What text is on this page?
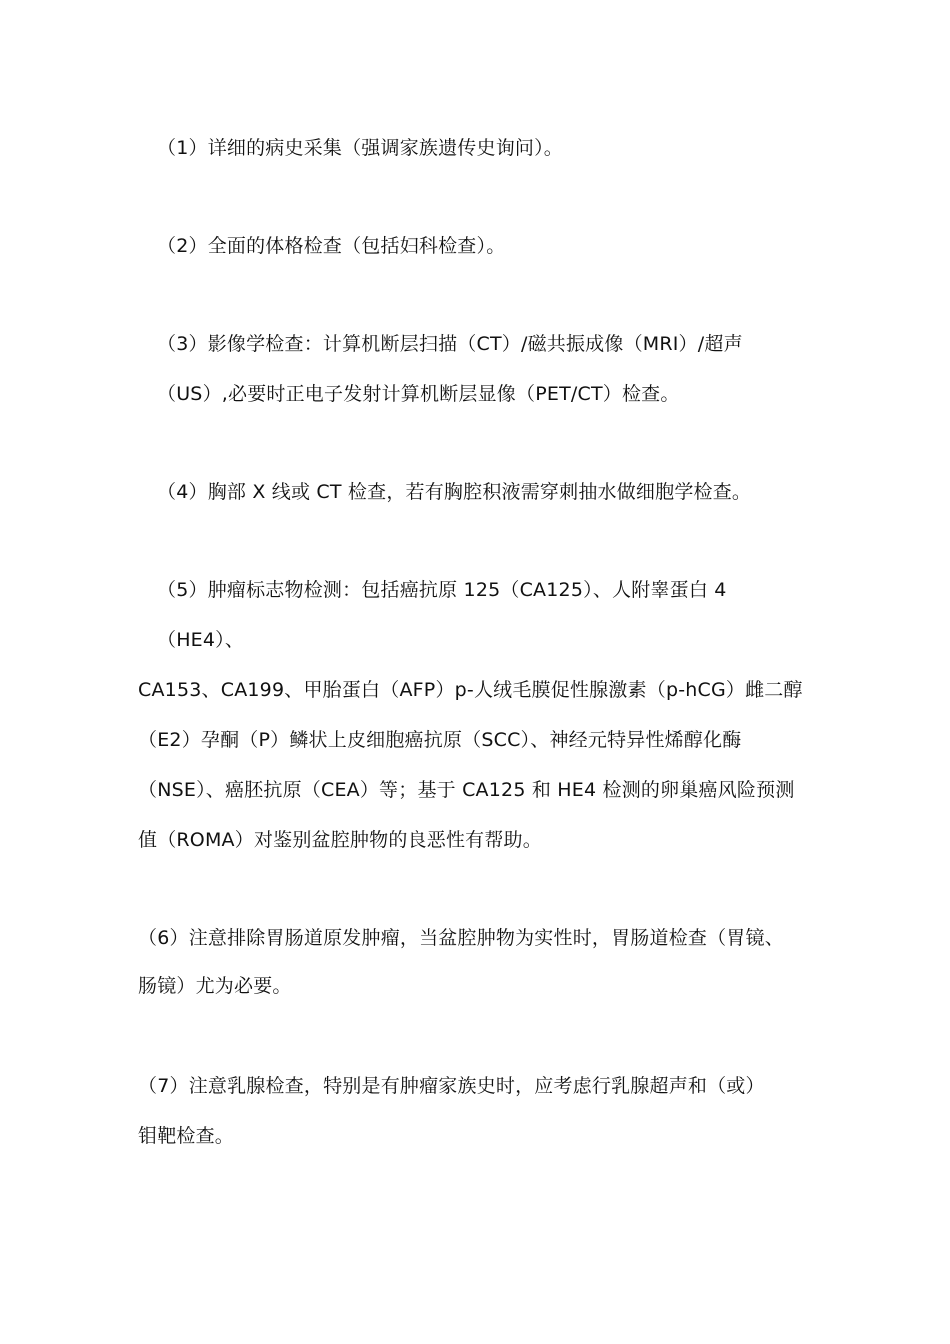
（1）详细的病史采集（强调家族遗传史询问）。

（2）全面的体格检查（包括妇科检查）。

（3）影像学检查：计算机断层扫描（CT）/磁共振成像（MRI）/超声

（US）,必要时正电子发射计算机断层显像（PET/CT）检查。

（4）胸部 X 线或 CT 检查，若有胸腔积液需穿刺抽水做细胞学检查。

（5）肿瘤标志物检测：包括癌抗原 125（CA125）、人附睾蛋白 4

（HE4）、

CA153、CA199、甲胎蛋白（AFP）p-人绒毛膜促性腺激素（p-hCG）雌二醇

（E2）孕酮（P）鳞状上皮细胞癌抗原（SCC）、神经元特异性烯醇化酶

（NSE）、癌胚抗原（CEA）等；基于 CA125 和 HE4 检测的卵巢癌风险预测

值（ROMA）对鉴别盆腔肿物的良恶性有帮助。

（6）注意排除胃肠道原发肿瘤，当盆腔肿物为实性时，胃肠道检查（胃镜、

肠镜）尤为必要。

（7）注意乳腺检查，特别是有肿瘤家族史时，应考虑行乳腺超声和（或）

钼靶检查。
